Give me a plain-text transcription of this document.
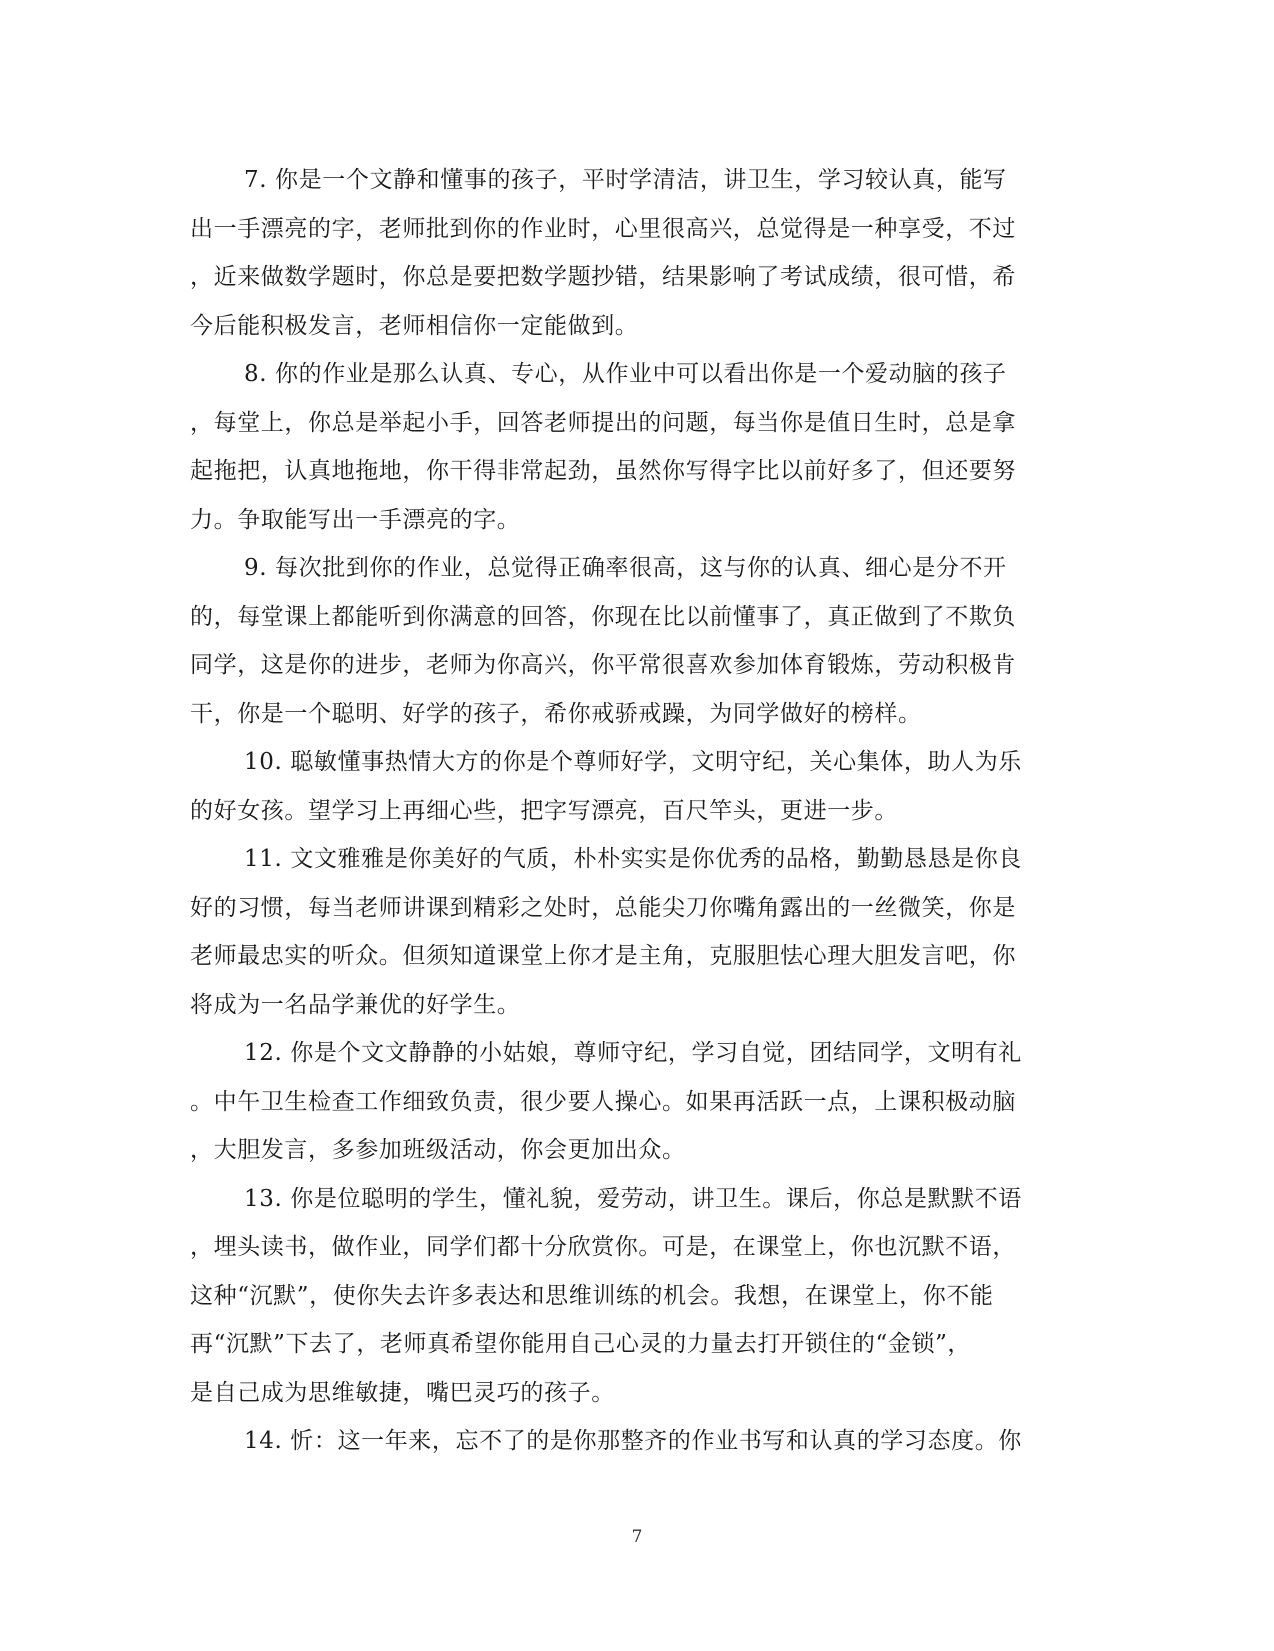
7. 你是一个文静和懂事的孩子，平时学清洁，讲卫生，学习较认真，能写
出一手漂亮的字，老师批到你的作业时，心里很高兴，总觉得是一种享受，不过
，近来做数学题时，你总是要把数学题抄错，结果影响了考试成绩，很可惜，希
今后能积极发言，老师相信你一定能做到。

8. 你的作业是那么认真、专心，从作业中可以看出你是一个爱动脑的孩子
，每堂上，你总是举起小手，回答老师提出的问题，每当你是值日生时，总是拿
起拖把，认真地拖地，你干得非常起劲，虽然你写得字比以前好多了，但还要努
力。争取能写出一手漂亮的字。

9. 每次批到你的作业，总觉得正确率很高，这与你的认真、细心是分不开
的，每堂课上都能听到你满意的回答，你现在比以前懂事了，真正做到了不欺负
同学，这是你的进步，老师为你高兴，你平常很喜欢参加体育锻炼，劳动积极肯
干，你是一个聪明、好学的孩子，希你戒骄戒躁，为同学做好的榜样。

10. 聪敏懂事热情大方的你是个尊师好学，文明守纪，关心集体，助人为乐
的好女孩。望学习上再细心些，把字写漂亮，百尺竿头，更进一步。

11. 文文雅雅是你美好的气质，朴朴实实是你优秀的品格，勤勤恳恳是你良
好的习惯，每当老师讲课到精彩之处时，总能尖刀你嘴角露出的一丝微笑，你是
老师最忠实的听众。但须知道课堂上你才是主角，克服胆怯心理大胆发言吧，你
将成为一名品学兼优的好学生。

12. 你是个文文静静的小姑娘，尊师守纪，学习自觉，团结同学，文明有礼
。中午卫生检查工作细致负责，很少要人操心。如果再活跃一点，上课积极动脑
，大胆发言，多参加班级活动，你会更加出众。

13. 你是位聪明的学生，懂礼貌，爱劳动，讲卫生。课后，你总是默默不语
，埋头读书，做作业，同学们都十分欣赏你。可是，在课堂上，你也沉默不语，
这种“沉默”，使你失去许多表达和思维训练的机会。我想，在课堂上，你不能
再“沉默”下去了，老师真希望你能用自己心灵的力量去打开锁住的“金锁”，
是自己成为思维敏捷，嘴巴灵巧的孩子。

14. 忻：这一年来，忘不了的是你那整齐的作业书写和认真的学习态度。你

7
